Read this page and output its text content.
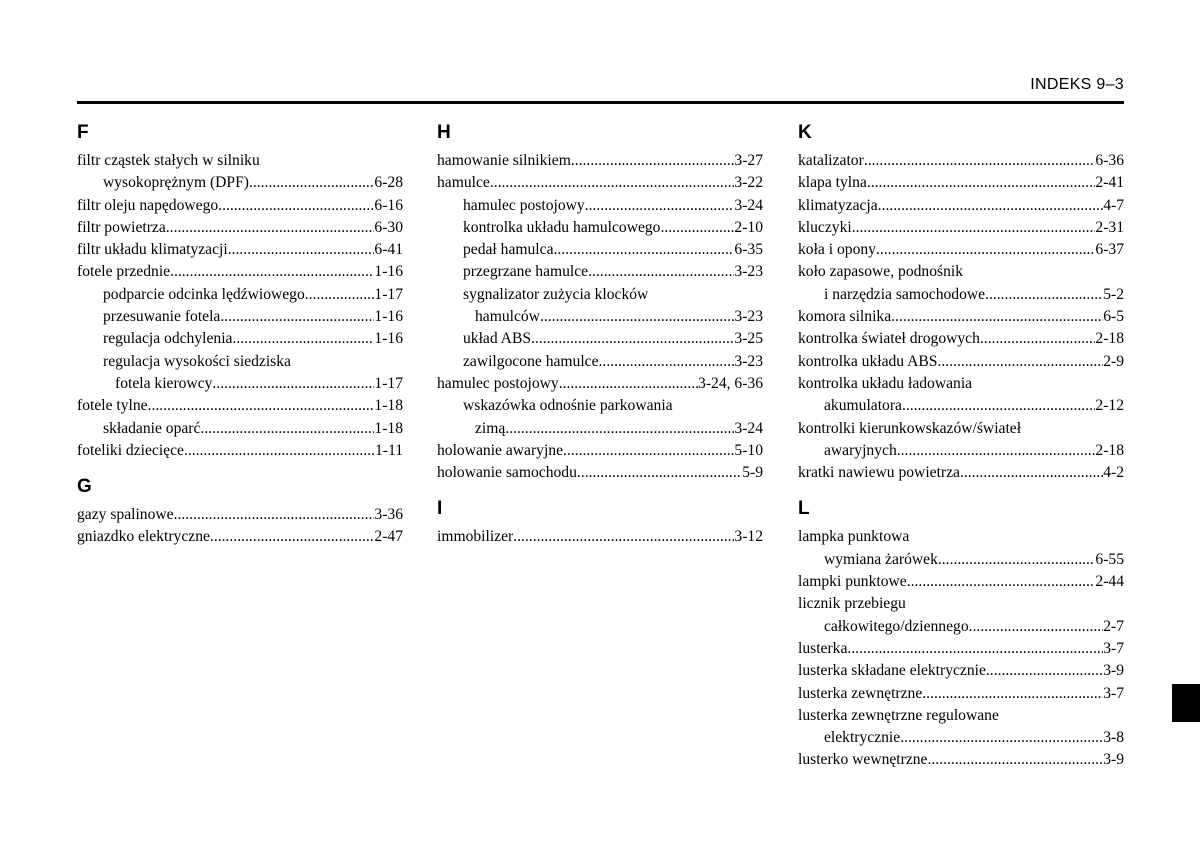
INDEKS 9–3
F
filtr cząstek stałych w silniku
wysokoprężnym (DPF) .....	6-28
filtr oleju napędowego .....	6-16
filtr powietrza .....	6-30
filtr układu klimatyzacji .....	6-41
fotele przednie .....	1-16
podparcie odcinka lędźwiowego .....	1-17
przesuwanie fotela .....	1-16
regulacja odchylenia .....	1-16
regulacja wysokości siedziska
fotela kierowcy .....	1-17
fotele tylne .....	1-18
składanie oparć .....	1-18
foteliki dziecięce .....	1-11
G
gazy spalinowe .....	3-36
gniazdko elektryczne .....	2-47
H
hamowanie silnikiem .....	3-27
hamulce .....	3-22
hamulec postojowy .....	3-24
kontrolka układu hamulcowego .....	2-10
pedał hamulca .....	6-35
przegrzane hamulce .....	3-23
sygnalizator zużycia klocków
hamulców .....	3-23
układ ABS .....	3-25
zawilgocone hamulce .....	3-23
hamulec postojowy .....	3-24, 6-36
wskazówka odnośnie parkowania
zimą .....	3-24
holowanie awaryjne .....	5-10
holowanie samochodu .....	5-9
I
immobilizer .....	3-12
K
katalizator .....	6-36
klapa tylna .....	2-41
klimatyzacja .....	4-7
kluczyki .....	2-31
koła i opony .....	6-37
koło zapasowe, podnośnik
i narzędzia samochodowe .....	5-2
komora silnika .....	6-5
kontrolka świateł drogowych .....	2-18
kontrolka układu ABS .....	2-9
kontrolka układu ładowania
akumulatora .....	2-12
kontrolki kierunkowskazów/świateł
awaryjnych .....	2-18
kratki nawiewu powietrza .....	4-2
L
lampka punktowa
wymiana żarówek .....	6-55
lampki punktowe .....	2-44
licznik przebiegu
całkowitego/dziennego .....	2-7
lusterka .....	3-7
lusterka składane elektrycznie .....	3-9
lusterka zewnętrzne .....	3-7
lusterka zewnętrzne regulowane
elektrycznie .....	3-8
lusterko wewnętrzne .....	3-9
